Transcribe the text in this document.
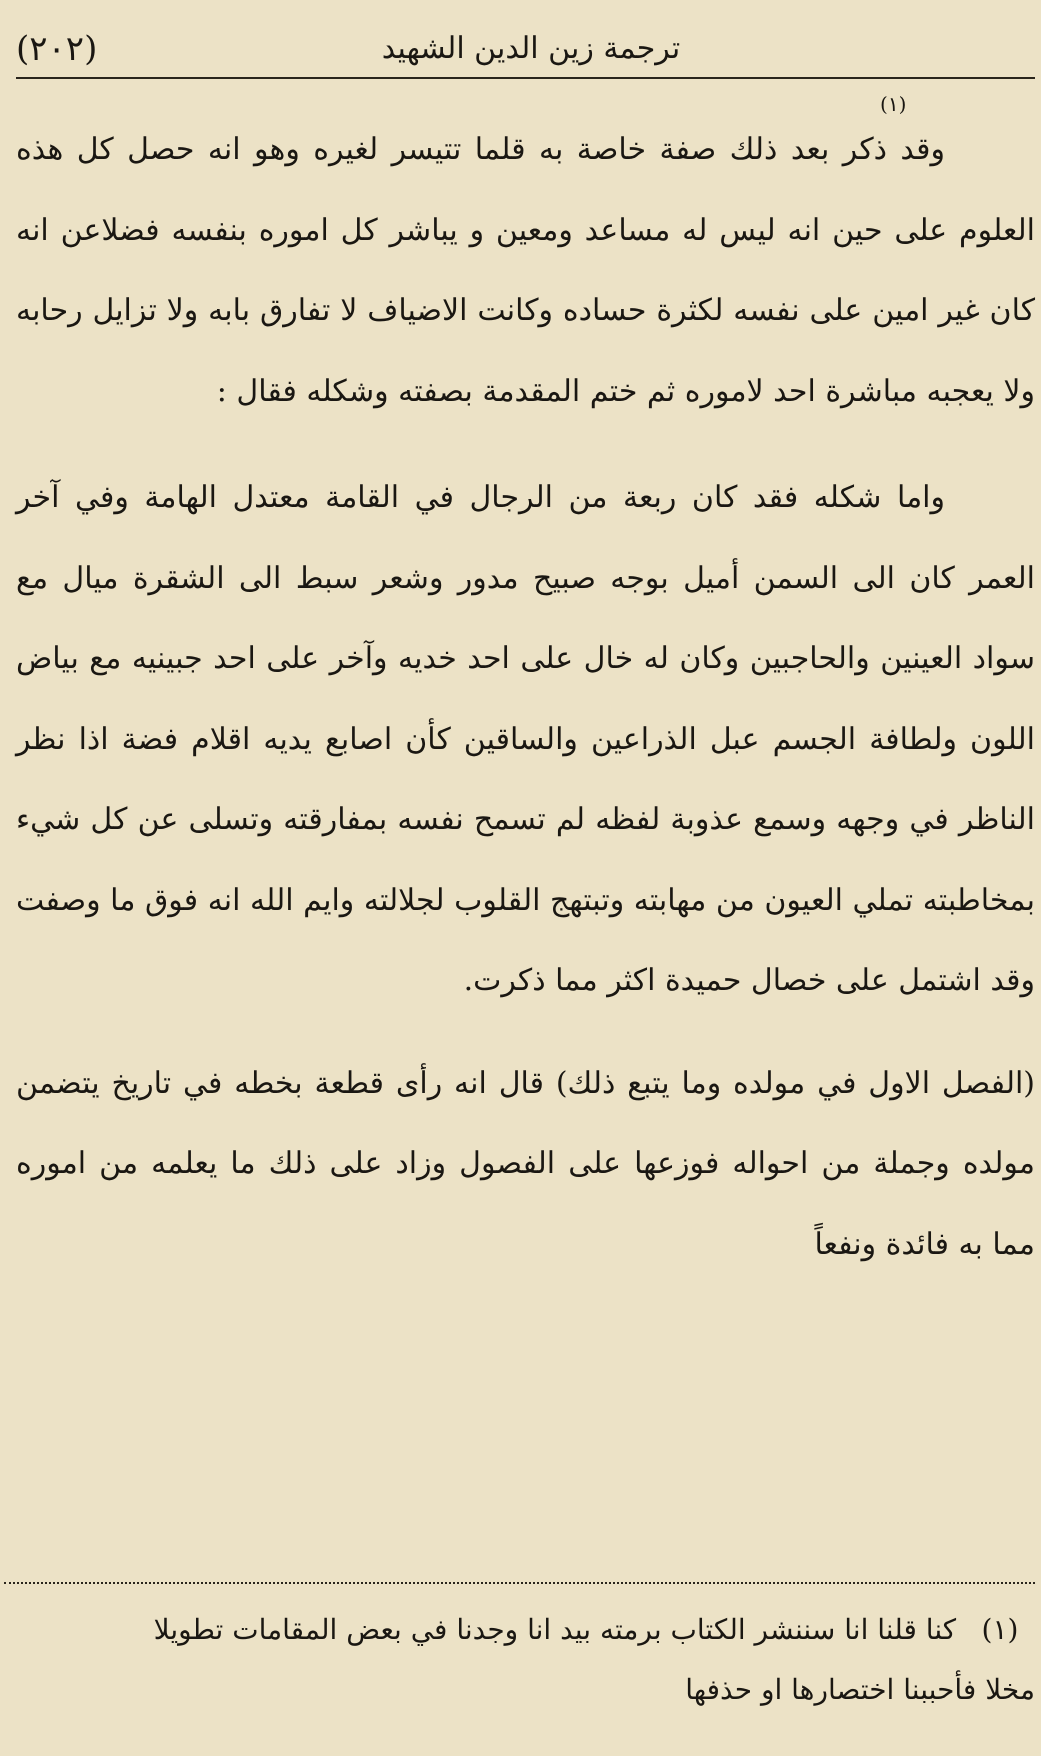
(٢٠٢)	ترجمة زين الدين الشهيد
(١)

وقد ذكر بعد ذلك صفة خاصة به قلما تتيسر لغيره وهو انه حصل كل هذه العلوم على حين انه ليس له مساعد ومعين و يباشر كل اموره بنفسه فضلاعن انه كان غير امين على نفسه لكثرة حساده وكانت الاضياف لا تفارق بابه ولا تزايل رحابه ولا يعجبه مباشرة احد لاموره ثم ختم المقدمة بصفته وشكله فقال :

واما شكله فقد كان ربعة من الرجال في القامة معتدل الهامة وفي آخر العمر كان الى السمن أميل بوجه صبيح مدور وشعر سبط الى الشقرة ميال مع سواد العينين والحاجبين وكان له خال على احد خديه وآخر على احد جبينيه مع بياض اللون ولطافة الجسم عبل الذراعين والساقين كأن اصابع يديه اقلام فضة اذا نظر الناظر في وجهه وسمع عذوبة لفظه لم تسمح نفسه بمفارقته وتسلى عن كل شيء بمخاطبته تملي العيون من مهابته وتبتهج القلوب لجلالته وايم الله انه فوق ما وصفت وقد اشتمل على خصال حميدة اكثر مما ذكرت.

(الفصل الاول في مولده وما يتبع ذلك) قال انه رأى قطعة بخطه في تاريخ يتضمن مولده وجملة من احواله فوزعها على الفصول وزاد على ذلك ما يعلمه من اموره مما به فائدة ونفعاً

(١) كنا قلنا انا سننشر الكتاب برمته بيد انا وجدنا في بعض المقامات تطويلا

مخلا فأحببنا اختصارها او حذفها
